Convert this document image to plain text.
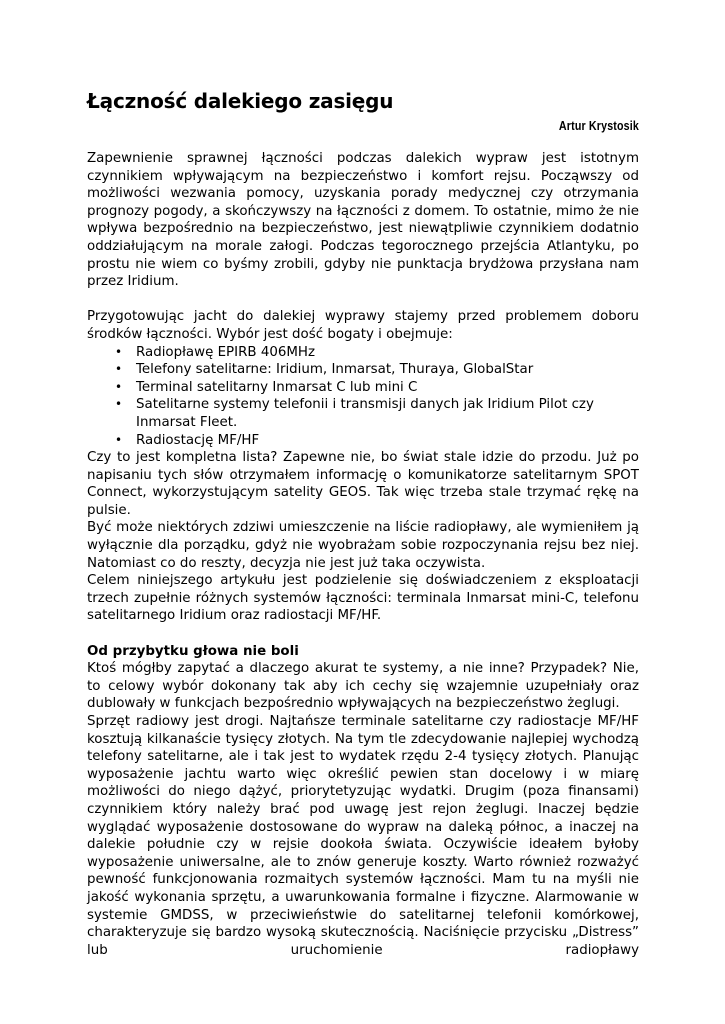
Łączność dalekiego zasięgu
Artur Krystosik

Zapewnienie sprawnej łączności podczas dalekich wypraw jest istotnym czynnikiem wpływającym na bezpieczeństwo i komfort rejsu. Począwszy od możliwości wezwania pomocy, uzyskania porady medycznej czy otrzymania prognozy pogody, a skończywszy na łączności z domem. To ostatnie, mimo że nie wpływa bezpośrednio na bezpieczeństwo, jest niewątpliwie czynnikiem dodatnio oddziałującym na morale załogi. Podczas tegorocznego przejścia Atlantyku, po prostu nie wiem co byśmy zrobili, gdyby nie punktacja brydżowa przysłana nam przez Iridium.

Przygotowując jacht do dalekiej wyprawy stajemy przed problemem doboru środków łączności. Wybór jest dość bogaty i obejmuje:

• Radiopławę EPIRB 406MHz
• Telefony satelitarne: Iridium, Inmarsat, Thuraya, GlobalStar
• Terminal satelitarny Inmarsat C lub mini C
• Satelitarne systemy telefonii i transmisji danych jak Iridium Pilot czy Inmarsat Fleet.
• Radiostację MF/HF

Czy to jest kompletna lista? Zapewne nie, bo świat stale idzie do przodu. Już po napisaniu tych słów otrzymałem informację o komunikatorze satelitarnym SPOT Connect, wykorzystującym satelity GEOS. Tak więc trzeba stale trzymać rękę na pulsie.

Być może niektórych zdziwi umieszczenie na liście radiopławy, ale wymieniłem ją wyłącznie dla porządku, gdyż nie wyobrażam sobie rozpoczynania rejsu bez niej. Natomiast co do reszty, decyzja nie jest już taka oczywista.

Celem niniejszego artykułu jest podzielenie się doświadczeniem z eksploatacji trzech zupełnie różnych systemów łączności: terminala Inmarsat mini-C, telefonu satelitarnego Iridium oraz radiostacji MF/HF.

Od przybytku głowa nie boli

Ktoś mógłby zapytać a dlaczego akurat te systemy, a nie inne? Przypadek? Nie, to celowy wybór dokonany tak aby ich cechy się wzajemnie uzupełniały oraz dublowały w funkcjach bezpośrednio wpływających na bezpieczeństwo żeglugi.

Sprzęt radiowy jest drogi. Najtańsze terminale satelitarne czy radiostacje MF/HF kosztują kilkanaście tysięcy złotych. Na tym tle zdecydowanie najlepiej wychodzą telefony satelitarne, ale i tak jest to wydatek rzędu 2-4 tysięcy złotych. Planując wyposażenie jachtu warto więc określić pewien stan docelowy i w miarę możliwości do niego dążyć, priorytetyzując wydatki. Drugim (poza finansami) czynnikiem który należy brać pod uwagę jest rejon żeglugi. Inaczej będzie wyglądać wyposażenie dostosowane do wypraw na daleką północ, a inaczej na dalekie południe czy w rejsie dookoła świata. Oczywiście ideałem byłoby wyposażenie uniwersalne, ale to znów generuje koszty. Warto również rozważyć pewność funkcjonowania rozmaitych systemów łączności. Mam tu na myśli nie jakość wykonania sprzętu, a uwarunkowania formalne i fizyczne. Alarmowanie w systemie GMDSS, w przeciwieństwie do satelitarnej telefonii komórkowej, charakteryzuje się bardzo wysoką skutecznością. Naciśnięcie przycisku „Distress” lub uruchomienie radiopławy
